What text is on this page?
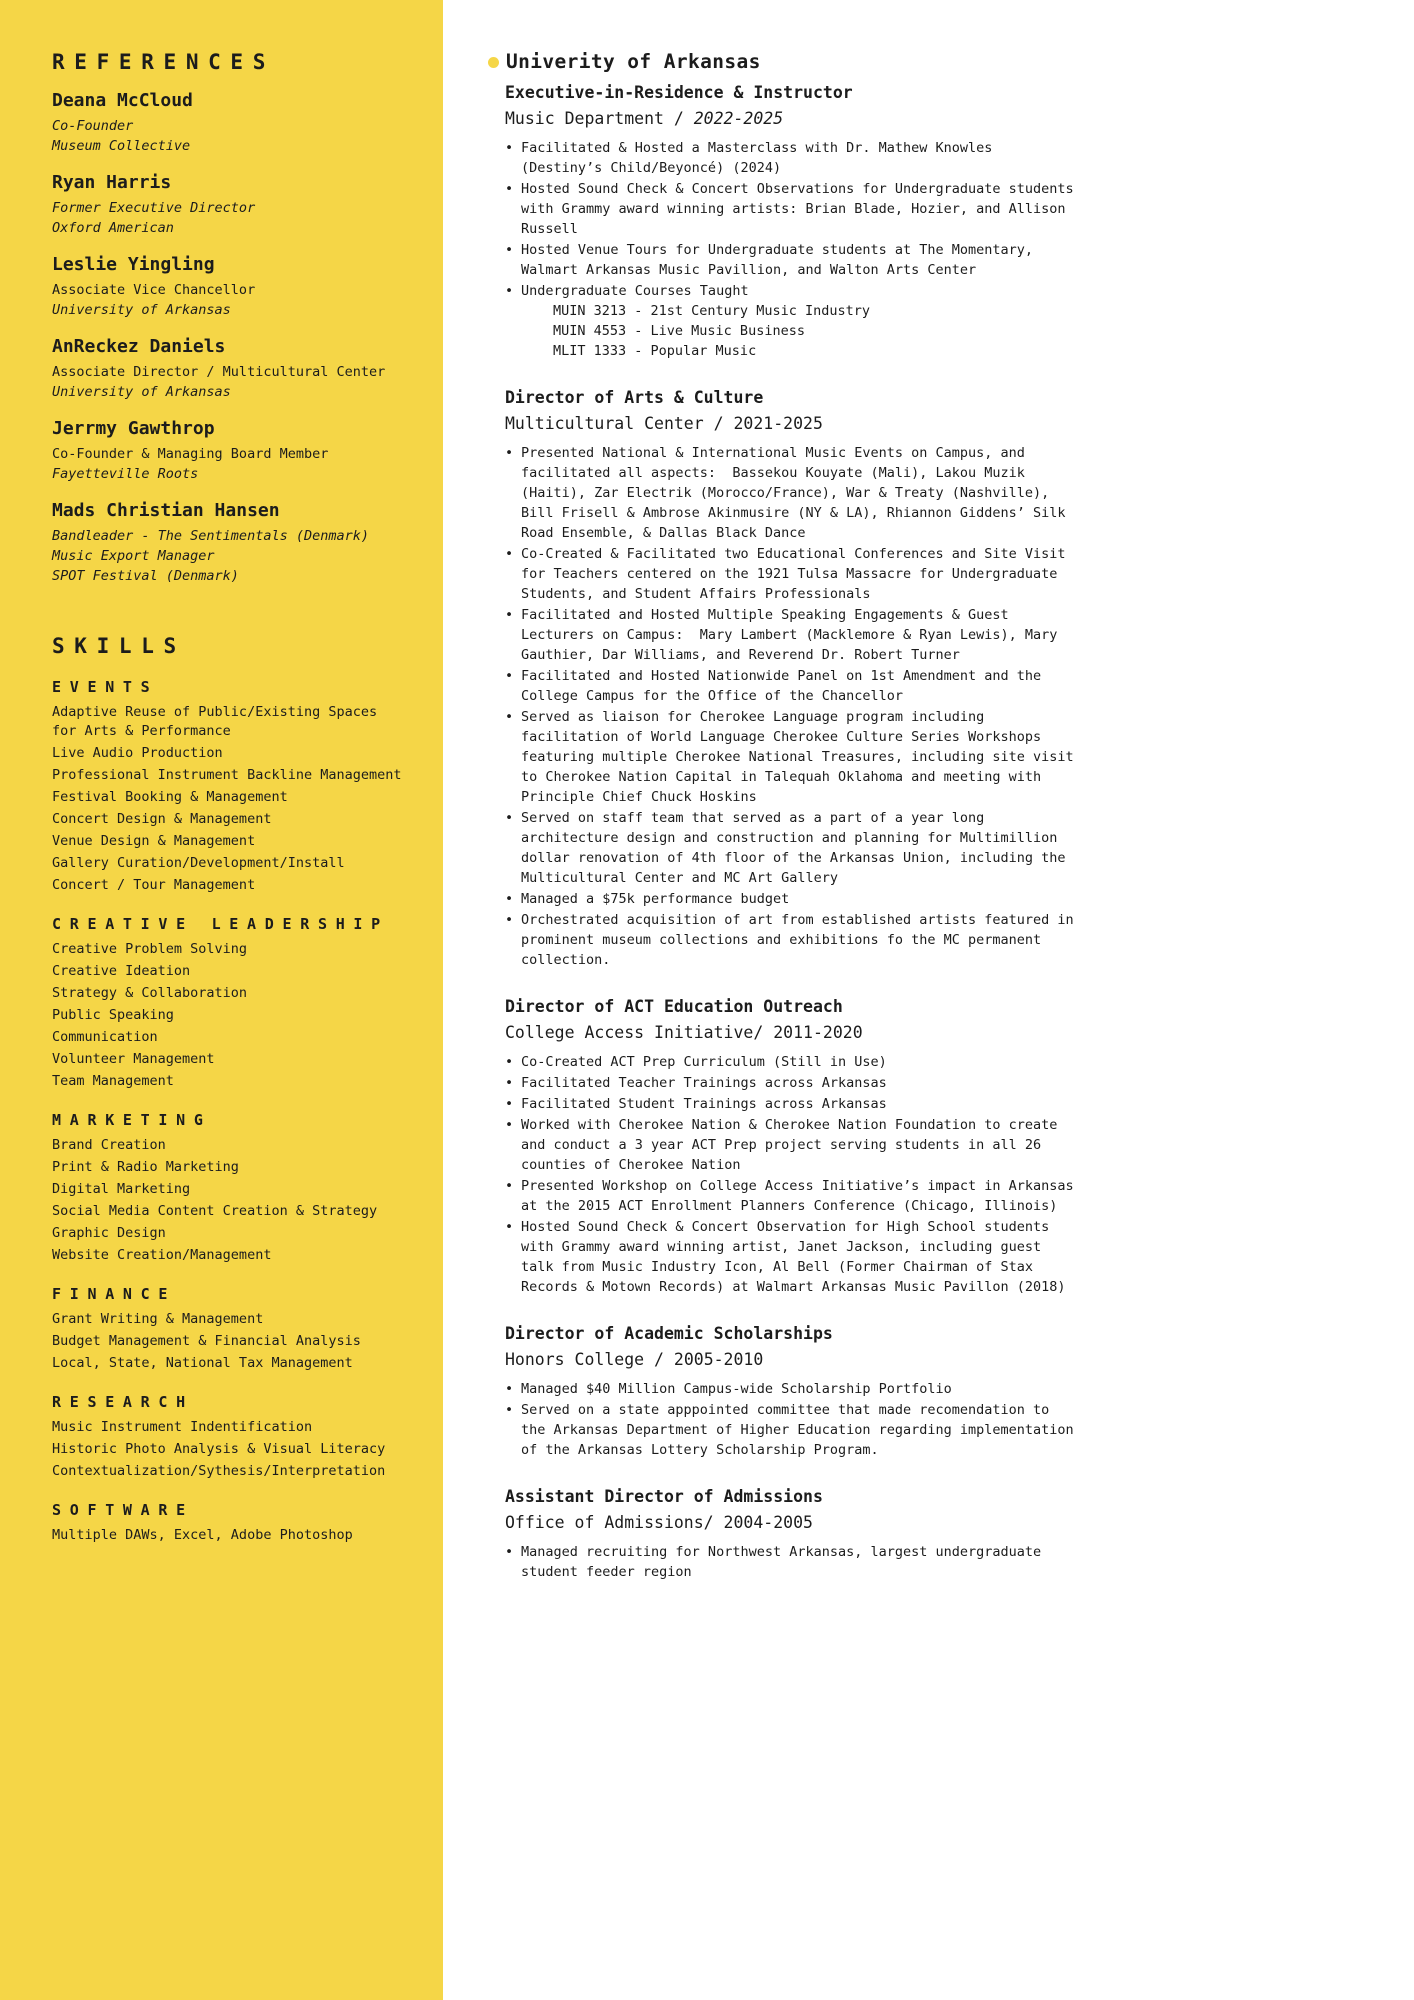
REFERENCES
Deana McCloud
Co-Founder
Museum Collective
Ryan Harris
Former Executive Director
Oxford American
Leslie Yingling
Associate Vice Chancellor
University of Arkansas
AnReckez Daniels
Associate Director / Multicultural Center
University of Arkansas
Jerrmy Gawthrop
Co-Founder & Managing Board Member
Fayetteville Roots
Mads Christian Hansen
Bandleader - The Sentimentals (Denmark)
Music Export Manager
SPOT Festival (Denmark)
SKILLS
EVENTS
Adaptive Reuse of Public/Existing Spaces for Arts & Performance
Live Audio Production
Professional Instrument Backline Management
Festival Booking & Management
Concert Design & Management
Venue Design & Management
Gallery Curation/Development/Install
Concert / Tour Management
CREATIVE LEADERSHIP
Creative Problem Solving
Creative Ideation
Strategy & Collaboration
Public Speaking
Communication
Volunteer Management
Team Management
MARKETING
Brand Creation
Print & Radio Marketing
Digital Marketing
Social Media Content Creation & Strategy
Graphic Design
Website Creation/Management
FINANCE
Grant Writing & Management
Budget Management & Financial Analysis
Local, State, National Tax Management
RESEARCH
Music Instrument Indentification
Historic Photo Analysis & Visual Literacy
Contextualization/Sythesis/Interpretation
SOFTWARE
Multiple DAWs, Excel, Adobe Photoshop
Univerity of Arkansas
Executive-in-Residence & Instructor
Music Department / 2022-2025
• Facilitated & Hosted a Masterclass with Dr. Mathew Knowles (Destiny’s Child/Beyoncé) (2024)
• Hosted Sound Check & Concert Observations for Undergraduate students with Grammy award winning artists: Brian Blade, Hozier, and Allison Russell
• Hosted Venue Tours for Undergraduate students at The Momentary, Walmart Arkansas Music Pavillion, and Walton Arts Center
• Undergraduate Courses Taught
MUIN 3213 - 21st Century Music Industry
MUIN 4553 - Live Music Business
MLIT 1333 - Popular Music
Director of Arts & Culture
Multicultural Center / 2021-2025
• Presented National & International Music Events on Campus, and facilitated all aspects:  Bassekou Kouyate (Mali), Lakou Muzik (Haiti), Zar Electrik (Morocco/France), War & Treaty (Nashville), Bill Frisell & Ambrose Akinmusire (NY & LA), Rhiannon Giddens’ Silk Road Ensemble, & Dallas Black Dance
• Co-Created & Facilitated two Educational Conferences and Site Visit for Teachers centered on the 1921 Tulsa Massacre for Undergraduate Students, and Student Affairs Professionals
• Facilitated and Hosted Multiple Speaking Engagements & Guest Lecturers on Campus:  Mary Lambert (Macklemore & Ryan Lewis), Mary Gauthier, Dar Williams, and Reverend Dr. Robert Turner
• Facilitated and Hosted Nationwide Panel on 1st Amendment and the College Campus for the Office of the Chancellor
• Served as liaison for Cherokee Language program including facilitation of World Language Cherokee Culture Series Workshops featuring multiple Cherokee National Treasures, including site visit to Cherokee Nation Capital in Talequah Oklahoma and meeting with Principle Chief Chuck Hoskins
• Served on staff team that served as a part of a year long architecture design and construction and planning for Multimillion dollar renovation of 4th floor of the Arkansas Union, including the Multicultural Center and MC Art Gallery
• Managed a $75k performance budget
• Orchestrated acquisition of art from established artists featured in prominent museum collections and exhibitions fo the MC permanent collection.
Director of ACT Education Outreach
College Access Initiative/ 2011-2020
• Co-Created ACT Prep Curriculum (Still in Use)
• Facilitated Teacher Trainings across Arkansas
• Facilitated Student Trainings across Arkansas
• Worked with Cherokee Nation & Cherokee Nation Foundation to create and conduct a 3 year ACT Prep project serving students in all 26 counties of Cherokee Nation
• Presented Workshop on College Access Initiative’s impact in Arkansas at the 2015 ACT Enrollment Planners Conference (Chicago, Illinois)
• Hosted Sound Check & Concert Observation for High School students with Grammy award winning artist, Janet Jackson, including guest talk from Music Industry Icon, Al Bell (Former Chairman of Stax Records & Motown Records) at Walmart Arkansas Music Pavillon (2018)
Director of Academic Scholarships
Honors College / 2005-2010
• Managed $40 Million Campus-wide Scholarship Portfolio
• Served on a state apppointed committee that made recomendation to the Arkansas Department of Higher Education regarding implementation of the Arkansas Lottery Scholarship Program.
Assistant Director of Admissions
Office of Admissions/ 2004-2005
• Managed recruiting for Northwest Arkansas, largest undergraduate student feeder region
